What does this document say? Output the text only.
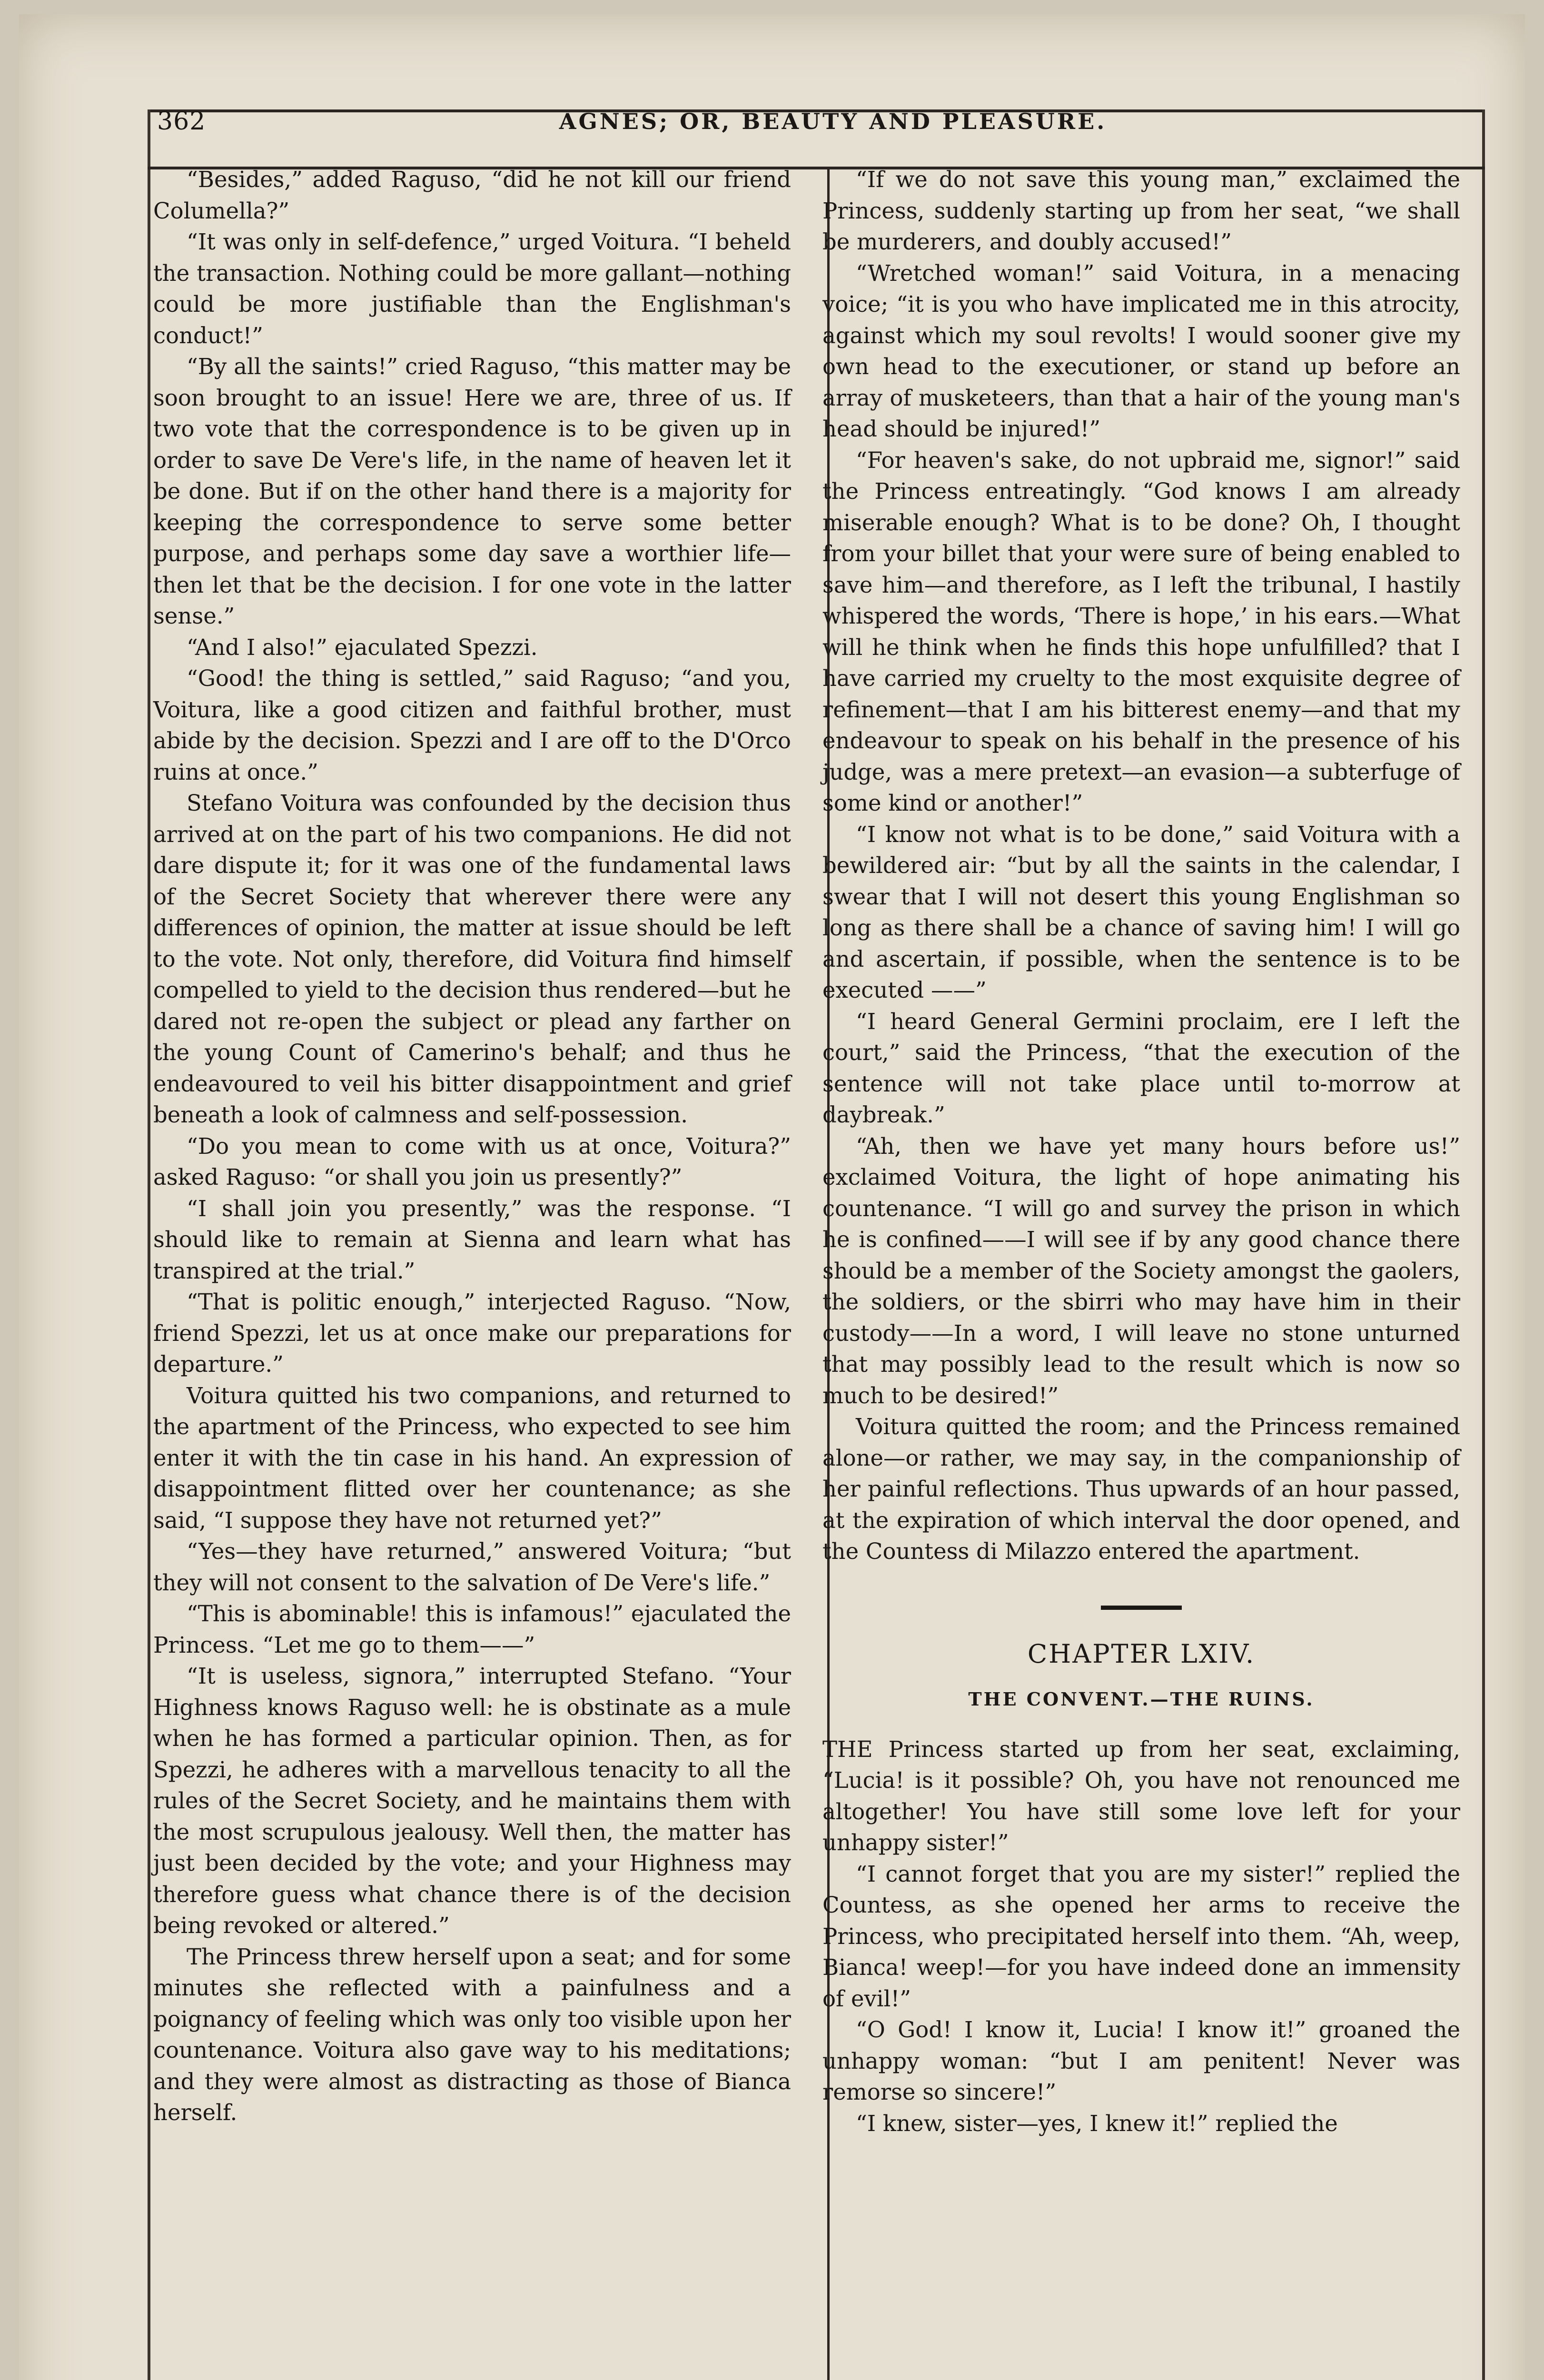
362	AGNES; OR, BEAUTY AND PLEASURE.

“Besides,” added Raguso, “did he not kill our friend Columella?”

“It was only in self-defence,” urged Voitura. “I beheld the transaction. Nothing could be more gallant—nothing could be more justifiable than the Englishman's conduct!”

“By all the saints!” cried Raguso, “this matter may be soon brought to an issue! Here we are, three of us. If two vote that the correspondence is to be given up in order to save De Vere's life, in the name of heaven let it be done. But if on the other hand there is a majority for keeping the correspondence to serve some better purpose, and perhaps some day save a worthier life—then let that be the decision. I for one vote in the latter sense.”

“And I also!” ejaculated Spezzi.

“Good! the thing is settled,” said Raguso; “and you, Voitura, like a good citizen and faithful brother, must abide by the decision. Spezzi and I are off to the D'Orco ruins at once.”

Stefano Voitura was confounded by the decision thus arrived at on the part of his two companions. He did not dare dispute it; for it was one of the fundamental laws of the Secret Society that wherever there were any differences of opinion, the matter at issue should be left to the vote. Not only, therefore, did Voitura find himself compelled to yield to the decision thus rendered—but he dared not re-open the subject or plead any farther on the young Count of Camerino's behalf; and thus he endeavoured to veil his bitter disappointment and grief beneath a look of calmness and self-possession.

“Do you mean to come with us at once, Voitura?” asked Raguso: “or shall you join us presently?”

“I shall join you presently,” was the response. “I should like to remain at Sienna and learn what has transpired at the trial.”

“That is politic enough,” interjected Raguso. “Now, friend Spezzi, let us at once make our preparations for departure.”

Voitura quitted his two companions, and returned to the apartment of the Princess, who expected to see him enter it with the tin case in his hand. An expression of disappointment flitted over her countenance; as she said, “I suppose they have not returned yet?”

“Yes—they have returned,” answered Voitura; “but they will not consent to the salvation of De Vere's life.”

“This is abominable! this is infamous!” ejaculated the Princess. “Let me go to them——”

“It is useless, signora,” interrupted Stefano. “Your Highness knows Raguso well: he is obstinate as a mule when he has formed a particular opinion. Then, as for Spezzi, he adheres with a marvellous tenacity to all the rules of the Secret Society, and he maintains them with the most scrupulous jealousy. Well then, the matter has just been decided by the vote; and your Highness may therefore guess what chance there is of the decision being revoked or altered.”

The Princess threw herself upon a seat; and for some minutes she reflected with a painfulness and a poignancy of feeling which was only too visible upon her countenance. Voitura also gave way to his meditations; and they were almost as distracting as those of Bianca herself.

“If we do not save this young man,” exclaimed the Princess, suddenly starting up from her seat, “we shall be murderers, and doubly accused!”

“Wretched woman!” said Voitura, in a menacing voice; “it is you who have implicated me in this atrocity, against which my soul revolts! I would sooner give my own head to the executioner, or stand up before an array of musketeers, than that a hair of the young man's head should be injured!”

“For heaven's sake, do not upbraid me, signor!” said the Princess entreatingly. “God knows I am already miserable enough? What is to be done? Oh, I thought from your billet that your were sure of being enabled to save him—and therefore, as I left the tribunal, I hastily whispered the words, ‘There is hope,’ in his ears.—What will he think when he finds this hope unfulfilled? that I have carried my cruelty to the most exquisite degree of refinement—that I am his bitterest enemy—and that my endeavour to speak on his behalf in the presence of his judge, was a mere pretext—an evasion—a subterfuge of some kind or another!”

“I know not what is to be done,” said Voitura with a bewildered air: “but by all the saints in the calendar, I swear that I will not desert this young Englishman so long as there shall be a chance of saving him! I will go and ascertain, if possible, when the sentence is to be executed ——”

“I heard General Germini proclaim, ere I left the court,” said the Princess, “that the execution of the sentence will not take place until to-morrow at daybreak.”

“Ah, then we have yet many hours before us!” exclaimed Voitura, the light of hope animating his countenance. “I will go and survey the prison in which he is confined——I will see if by any good chance there should be a member of the Society amongst the gaolers, the soldiers, or the sbirri who may have him in their custody——In a word, I will leave no stone unturned that may possibly lead to the result which is now so much to be desired!”

Voitura quitted the room; and the Princess remained alone—or rather, we may say, in the companionship of her painful reflections. Thus upwards of an hour passed, at the expiration of which interval the door opened, and the Countess di Milazzo entered the apartment.

CHAPTER LXIV.
THE CONVENT.—THE RUINS.

THE Princess started up from her seat, exclaiming, “Lucia! is it possible? Oh, you have not renounced me altogether! You have still some love left for your unhappy sister!”

“I cannot forget that you are my sister!” replied the Countess, as she opened her arms to receive the Princess, who precipitated herself into them. “Ah, weep, Bianca! weep!—for you have indeed done an immensity of evil!”

“O God! I know it, Lucia! I know it!” groaned the unhappy woman: “but I am penitent! Never was remorse so sincere!”

“I knew, sister—yes, I knew it!” replied the
